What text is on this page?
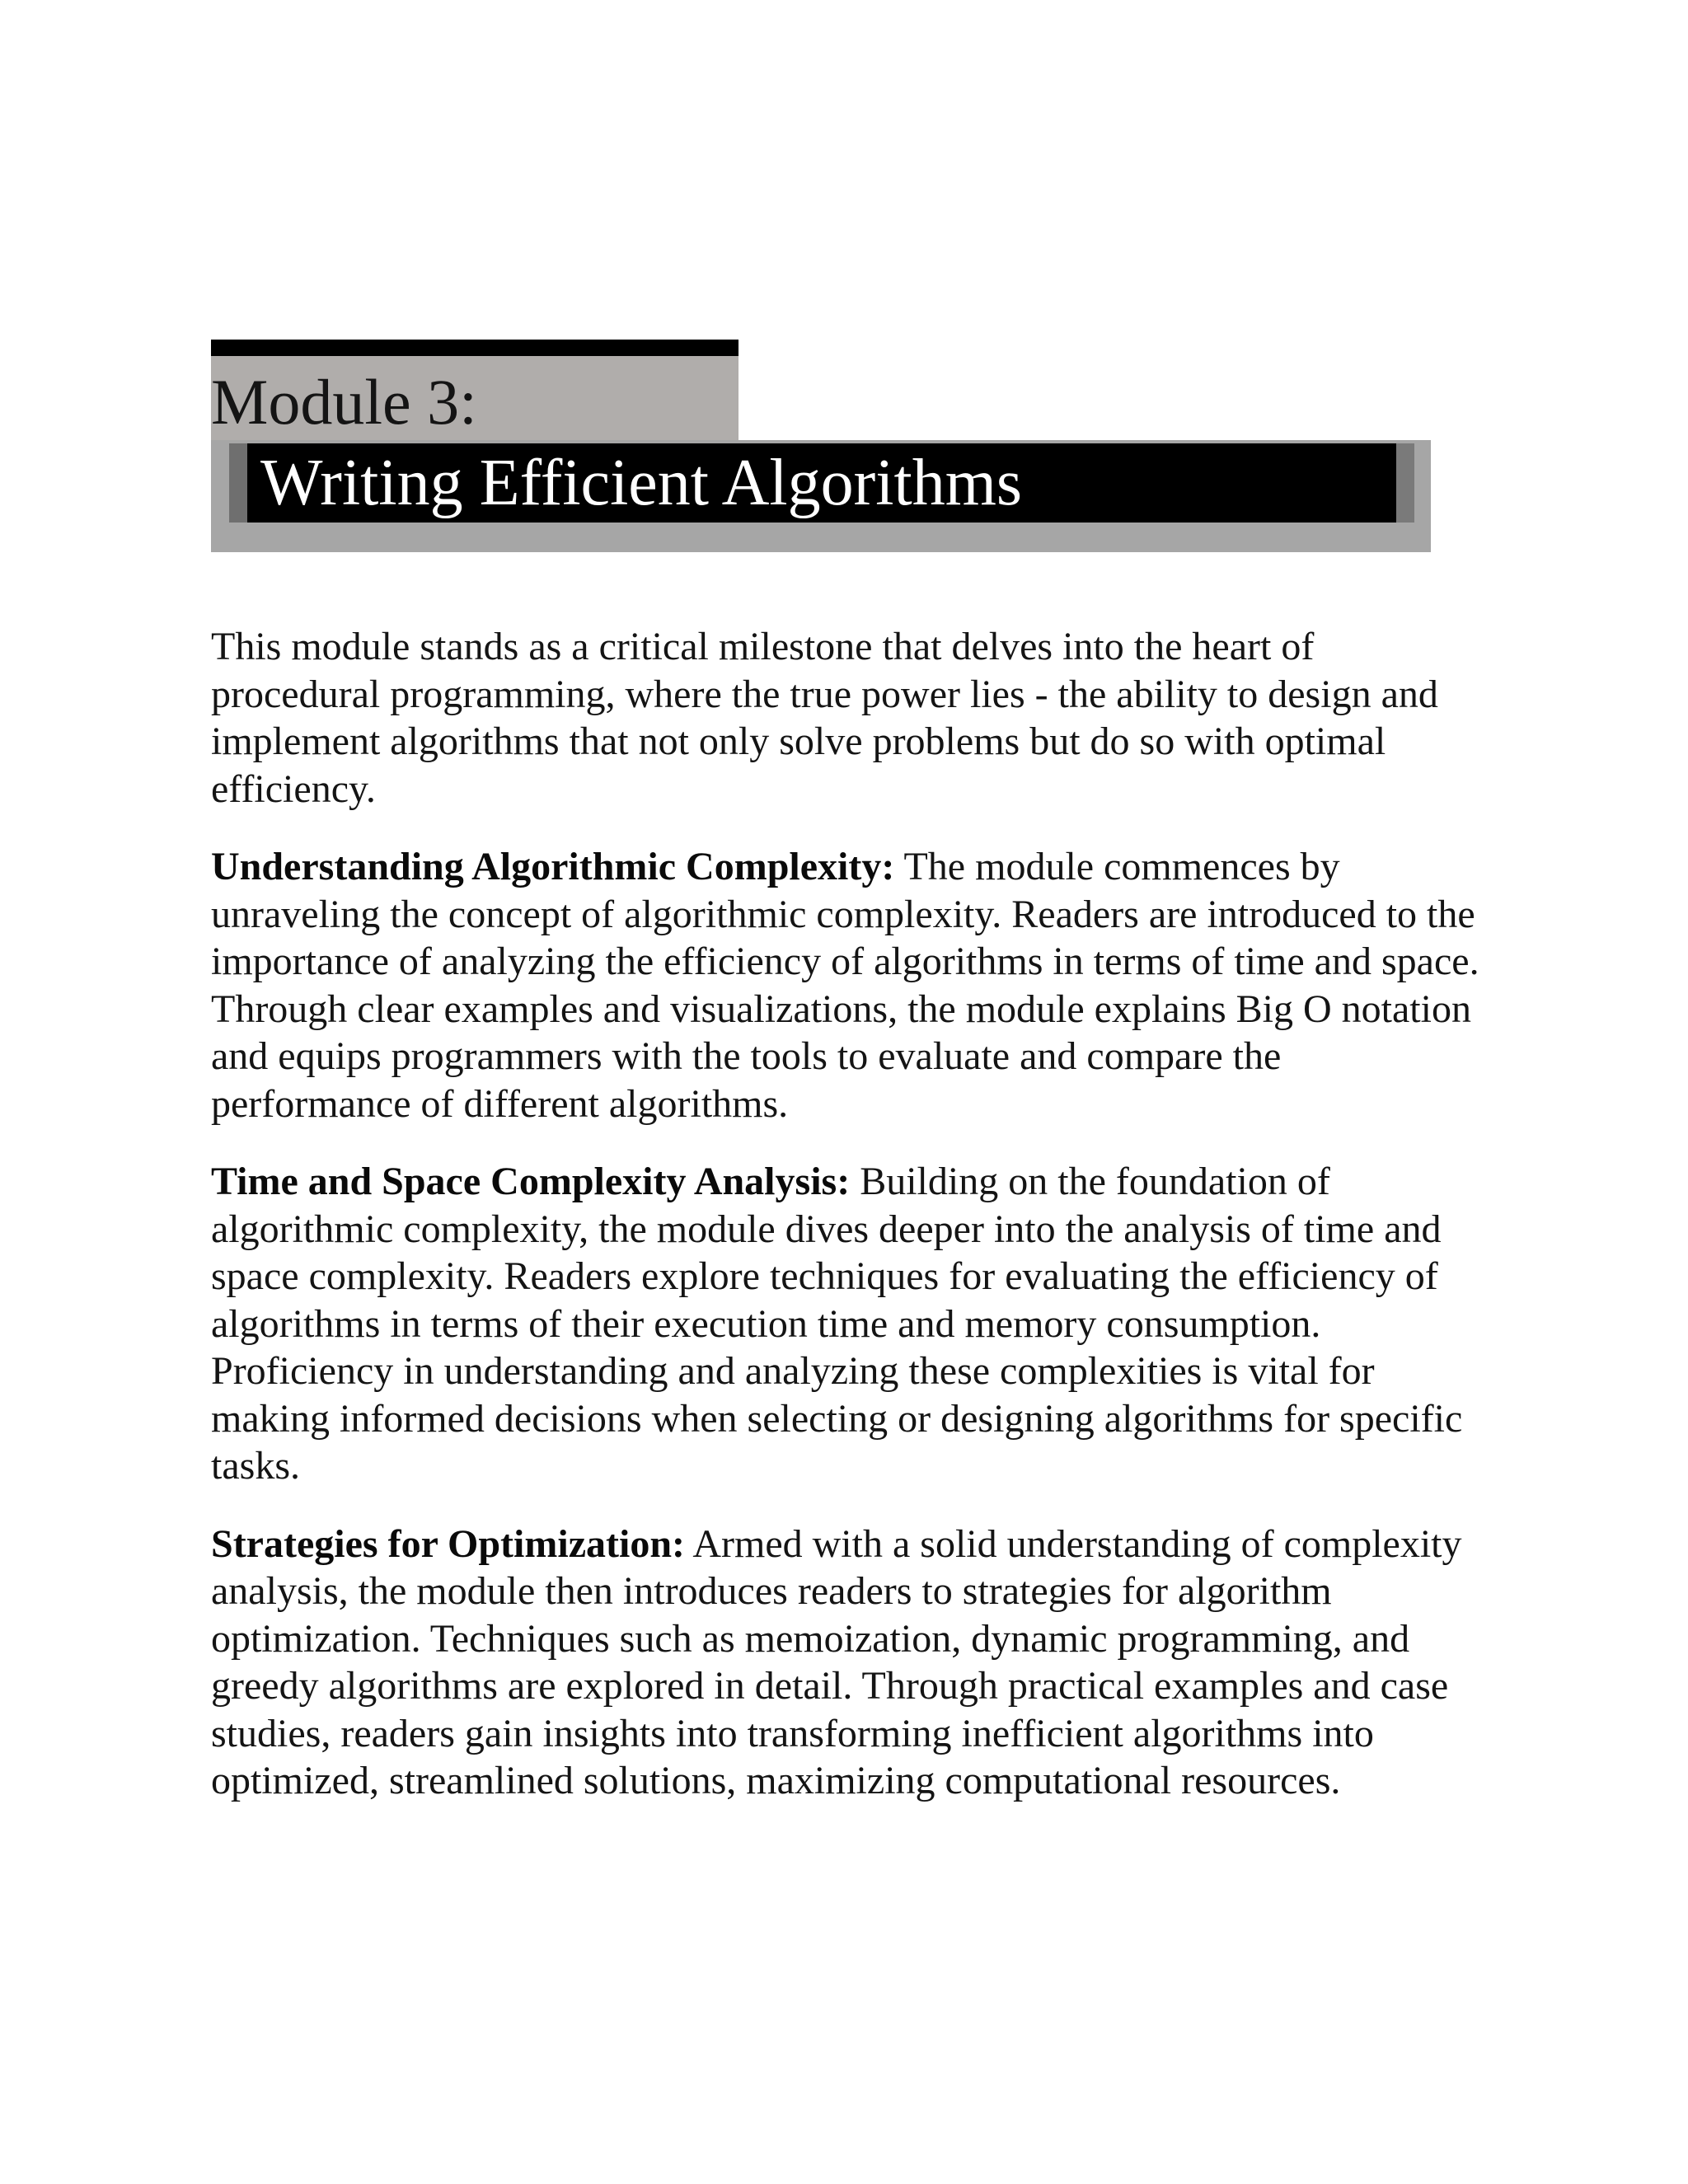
Module 3:
Writing Efficient Algorithms

This module stands as a critical milestone that delves into the heart of procedural programming, where the true power lies - the ability to design and implement algorithms that not only solve problems but do so with optimal efficiency.

Understanding Algorithmic Complexity: The module commences by unraveling the concept of algorithmic complexity. Readers are introduced to the importance of analyzing the efficiency of algorithms in terms of time and space. Through clear examples and visualizations, the module explains Big O notation and equips programmers with the tools to evaluate and compare the performance of different algorithms.

Time and Space Complexity Analysis: Building on the foundation of algorithmic complexity, the module dives deeper into the analysis of time and space complexity. Readers explore techniques for evaluating the efficiency of algorithms in terms of their execution time and memory consumption. Proficiency in understanding and analyzing these complexities is vital for making informed decisions when selecting or designing algorithms for specific tasks.

Strategies for Optimization: Armed with a solid understanding of complexity analysis, the module then introduces readers to strategies for algorithm optimization. Techniques such as memoization, dynamic programming, and greedy algorithms are explored in detail. Through practical examples and case studies, readers gain insights into transforming inefficient algorithms into optimized, streamlined solutions, maximizing computational resources.
